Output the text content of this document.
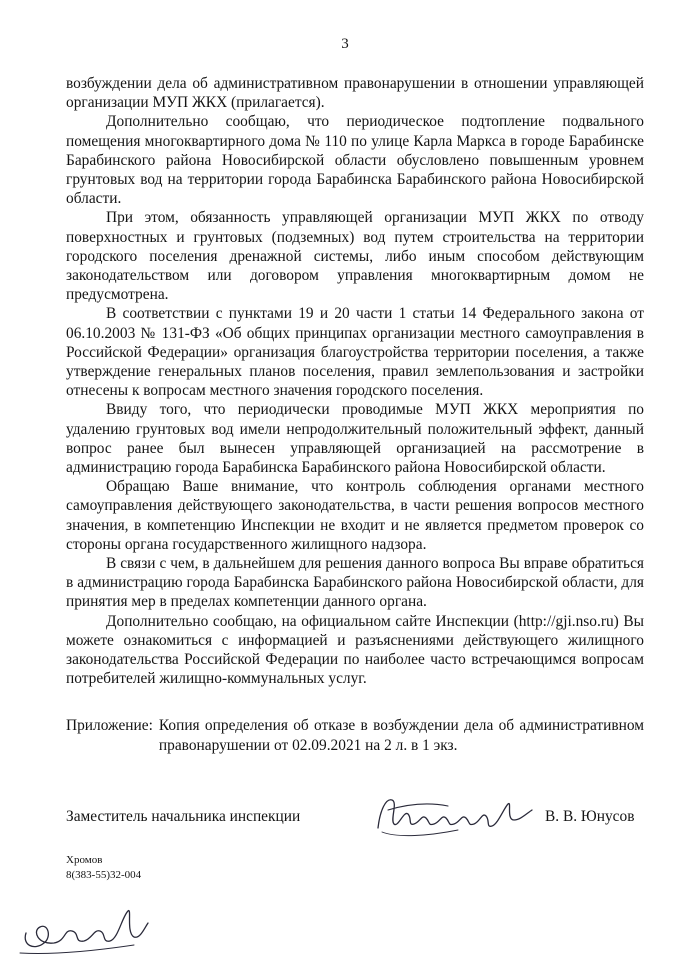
3

возбуждении дела об административном правонарушении в отношении управляющей организации МУП ЖКХ (прилагается).

Дополнительно сообщаю, что периодическое подтопление подвального помещения многоквартирного дома № 110 по улице Карла Маркса в городе Барабинске Барабинского района Новосибирской области обусловлено повышенным уровнем грунтовых вод на территории города Барабинска Барабинского района Новосибирской области.

При этом, обязанность управляющей организации МУП ЖКХ по отводу поверхностных и грунтовых (подземных) вод путем строительства на территории городского поселения дренажной системы, либо иным способом действующим законодательством или договором управления многоквартирным домом не предусмотрена.

В соответствии с пунктами 19 и 20 части 1 статьи 14 Федерального закона от 06.10.2003 № 131-ФЗ «Об общих принципах организации местного самоуправления в Российской Федерации» организация благоустройства территории поселения, а также утверждение генеральных планов поселения, правил землепользования и застройки отнесены к вопросам местного значения городского поселения.

Ввиду того, что периодически проводимые МУП ЖКХ мероприятия по удалению грунтовых вод имели непродолжительный положительный эффект, данный вопрос ранее был вынесен управляющей организацией на рассмотрение в администрацию города Барабинска Барабинского района Новосибирской области.

Обращаю Ваше внимание, что контроль соблюдения органами местного самоуправления действующего законодательства, в части решения вопросов местного значения, в компетенцию Инспекции не входит и не является предметом проверок со стороны органа государственного жилищного надзора.

В связи с чем, в дальнейшем для решения данного вопроса Вы вправе обратиться в администрацию города Барабинска Барабинского района Новосибирской области, для принятия мер в пределах компетенции данного органа.

Дополнительно сообщаю, на официальном сайте Инспекции (http://gji.nso.ru) Вы можете ознакомиться с информацией и разъяснениями действующего жилищного законодательства Российской Федерации по наиболее часто встречающимся вопросам потребителей жилищно-коммунальных услуг.

Приложение: Копия определения об отказе в возбуждении дела об административном правонарушении от 02.09.2021 на 2 л. в 1 экз.
Заместитель начальника инспекции	В. В. Юнусов
Хромов
8(383-55)32-004
